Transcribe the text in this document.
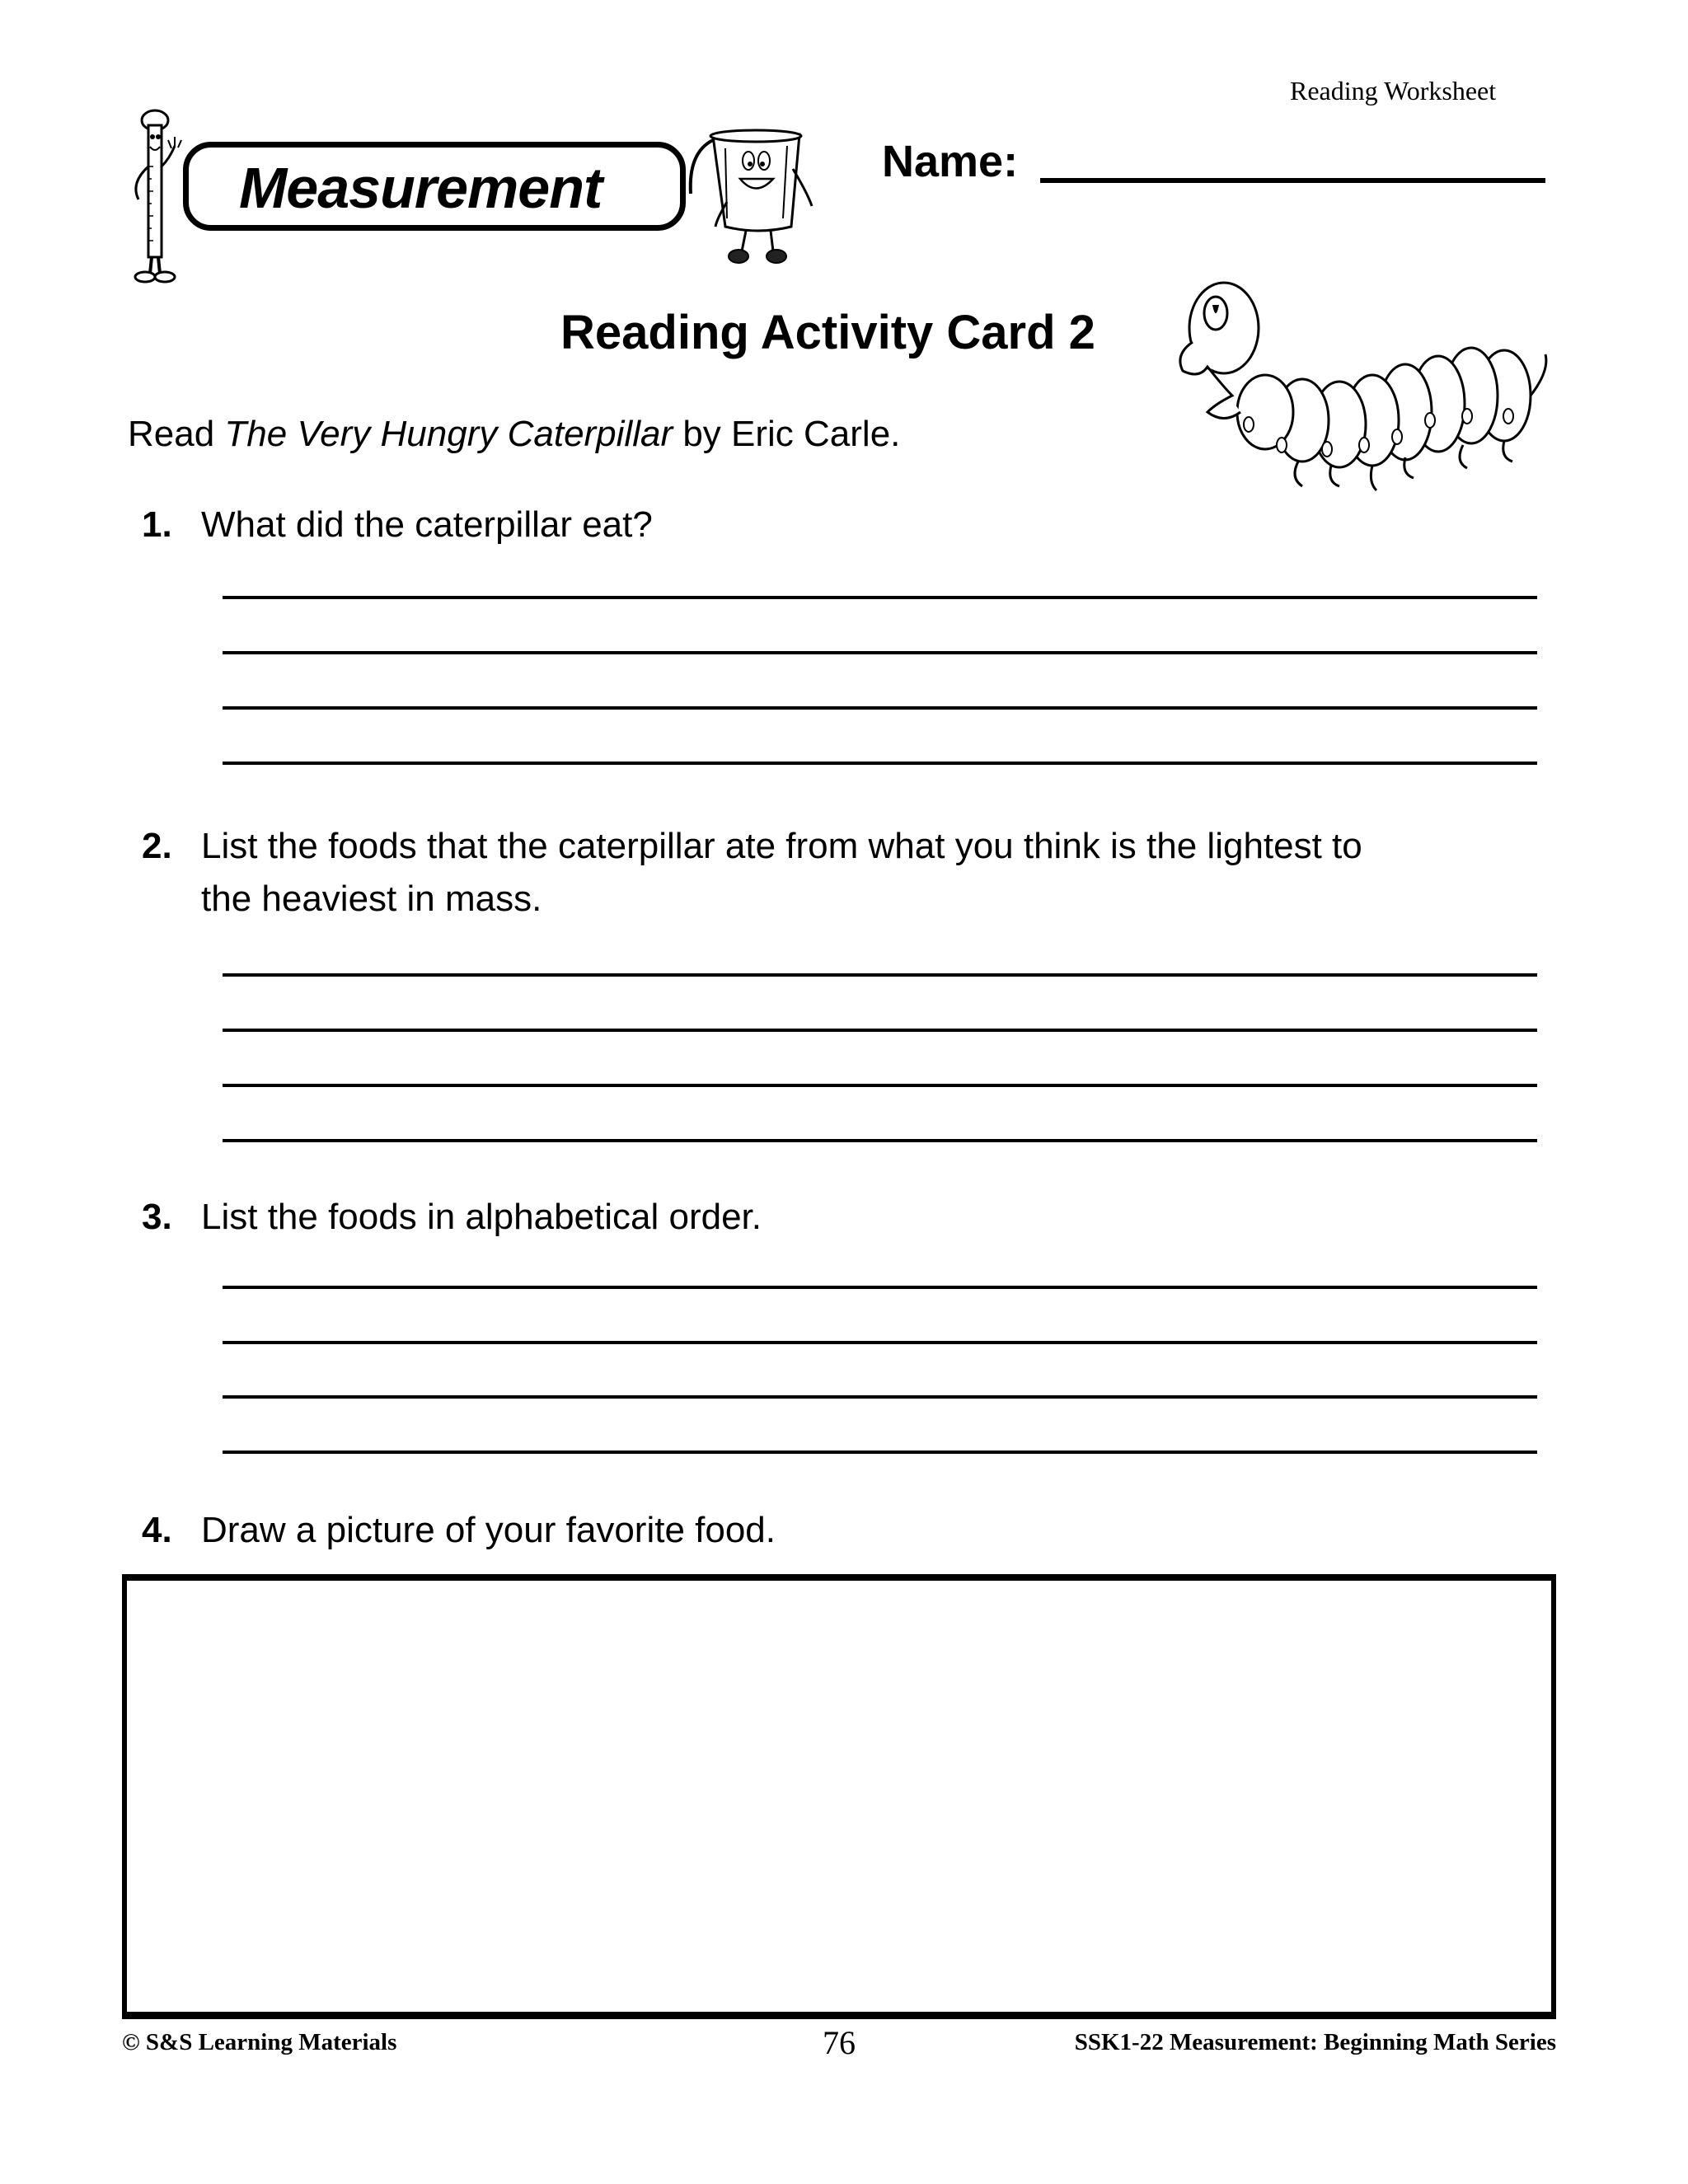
Reading Worksheet
Measurement	Name:
Reading Activity Card 2
Read The Very Hungry Caterpillar by Eric Carle.
1. What did the caterpillar eat?
2. List the foods that the caterpillar ate from what you think is the lightest to
the heaviest in mass.
3. List the foods in alphabetical order.
4. Draw a picture of your favorite food.
© S&S Learning Materials	76	SSK1-22 Measurement: Beginning Math Series
